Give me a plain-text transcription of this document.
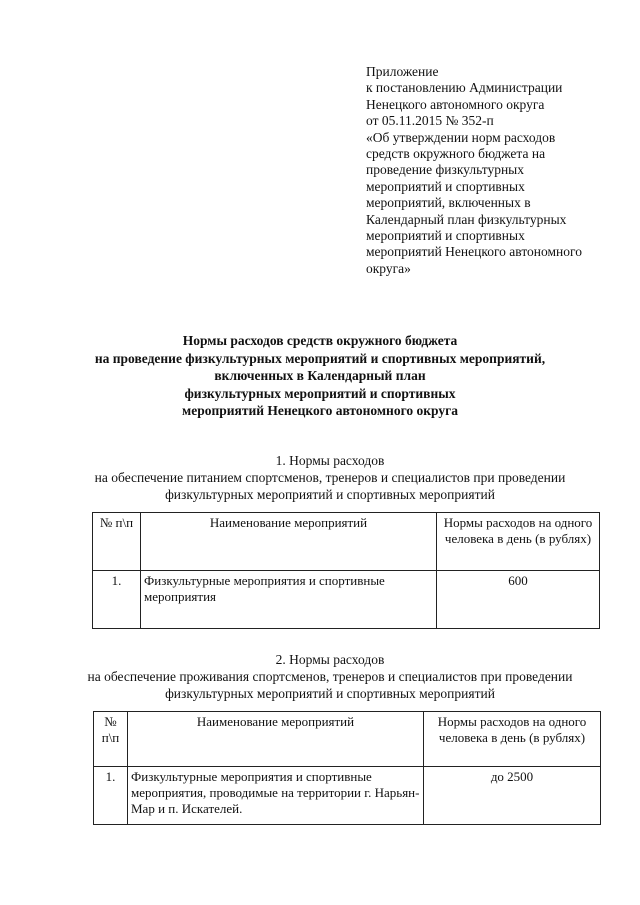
Приложение
к постановлению Администрации
Ненецкого автономного округа
от 05.11.2015 № 352-п
«Об утверждении норм расходов
средств окружного бюджета на
проведение физкультурных
мероприятий и спортивных
мероприятий, включенных в
Календарный план физкультурных
мероприятий и спортивных
мероприятий Ненецкого автономного
округа»
Нормы расходов средств окружного бюджета
на проведение физкультурных мероприятий и спортивных мероприятий,
включенных в Календарный план
физкультурных мероприятий и спортивных
мероприятий Ненецкого автономного округа
1. Нормы расходов
на обеспечение питанием спортсменов, тренеров и специалистов при проведении
физкультурных мероприятий и спортивных мероприятий
№ п\п	Наименование мероприятий	Нормы расходов на одного человека в день (в рублях)
1.	Физкультурные мероприятия и спортивные мероприятия	600
2. Нормы расходов
на обеспечение проживания спортсменов, тренеров и специалистов при проведении
физкультурных мероприятий и спортивных мероприятий
№ п\п	Наименование мероприятий	Нормы расходов на одного человека в день (в рублях)
1.	Физкультурные мероприятия и спортивные мероприятия, проводимые на территории г. Нарьян-Мар и п. Искателей.	до 2500
